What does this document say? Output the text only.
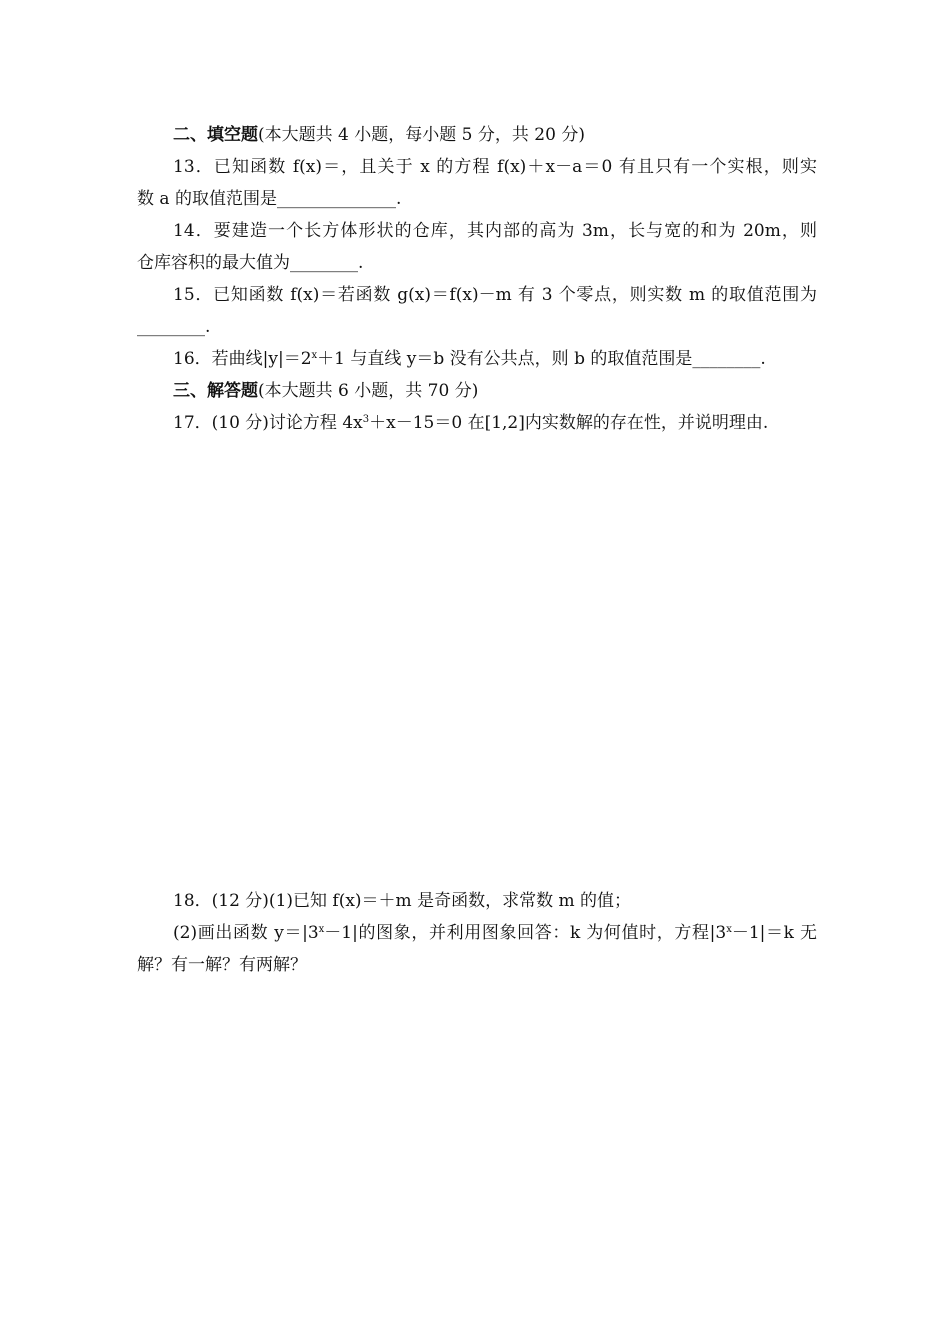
二、填空题(本大题共 4 小题，每小题 5 分，共 20 分)
13．已知函数 f(x)＝，且关于 x 的方程 f(x)＋x－a＝0 有且只有一个实根，则实
数 a 的取值范围是______________.
14．要建造一个长方体形状的仓库，其内部的高为 3m，长与宽的和为 20m，则
仓库容积的最大值为________.
15．已知函数 f(x)＝若函数 g(x)＝f(x)－m 有 3 个零点，则实数 m 的取值范围为
________.
16．若曲线$|y|=2^x+1$ 与直线 y＝b 没有公共点，则 b 的取值范围是________.
三、解答题(本大题共 6 小题，共 70 分)
17．(10 分)讨论方程 $4x^3+x-15=0$ 在[1,2]内实数解的存在性，并说明理由.
18．(12 分)(1)已知 f(x)＝＋m 是奇函数，求常数 m 的值；
(2)画出函数 $y=|3^x-1|$的图象，并利用图象回答：k 为何值时，方程$|3^x-1|=k$ 无
解？有一解？有两解？
